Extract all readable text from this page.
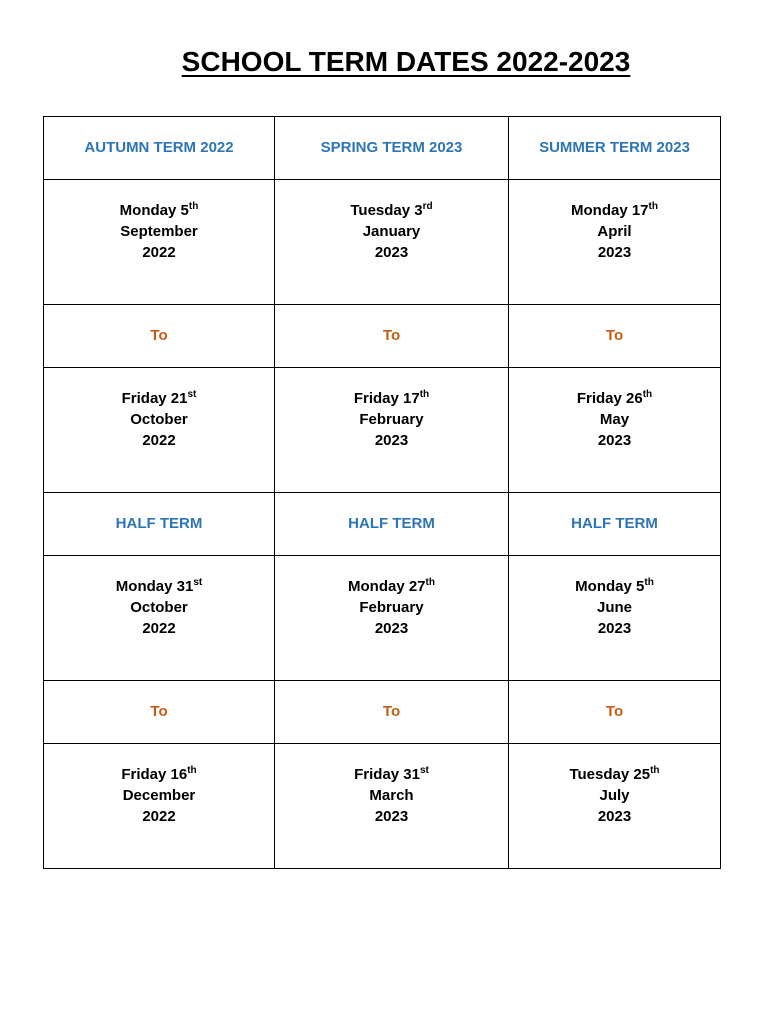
SCHOOL TERM DATES 2022-2023
AUTUMN TERM 2022	SPRING TERM 2023	SUMMER TERM 2023

Monday 5th
September
2022	Tuesday 3rd
January
2023	Monday 17th
April
2023

To	To	To

Friday 21st
October
2022	Friday 17th
February
2023	Friday 26th
May
2023

HALF TERM	HALF TERM	HALF TERM

Monday 31st
October
2022	Monday 27th
February
2023	Monday 5th
June
2023

To	To	To

Friday 16th
December
2022	Friday 31st
March
2023	Tuesday 25th
July
2023
